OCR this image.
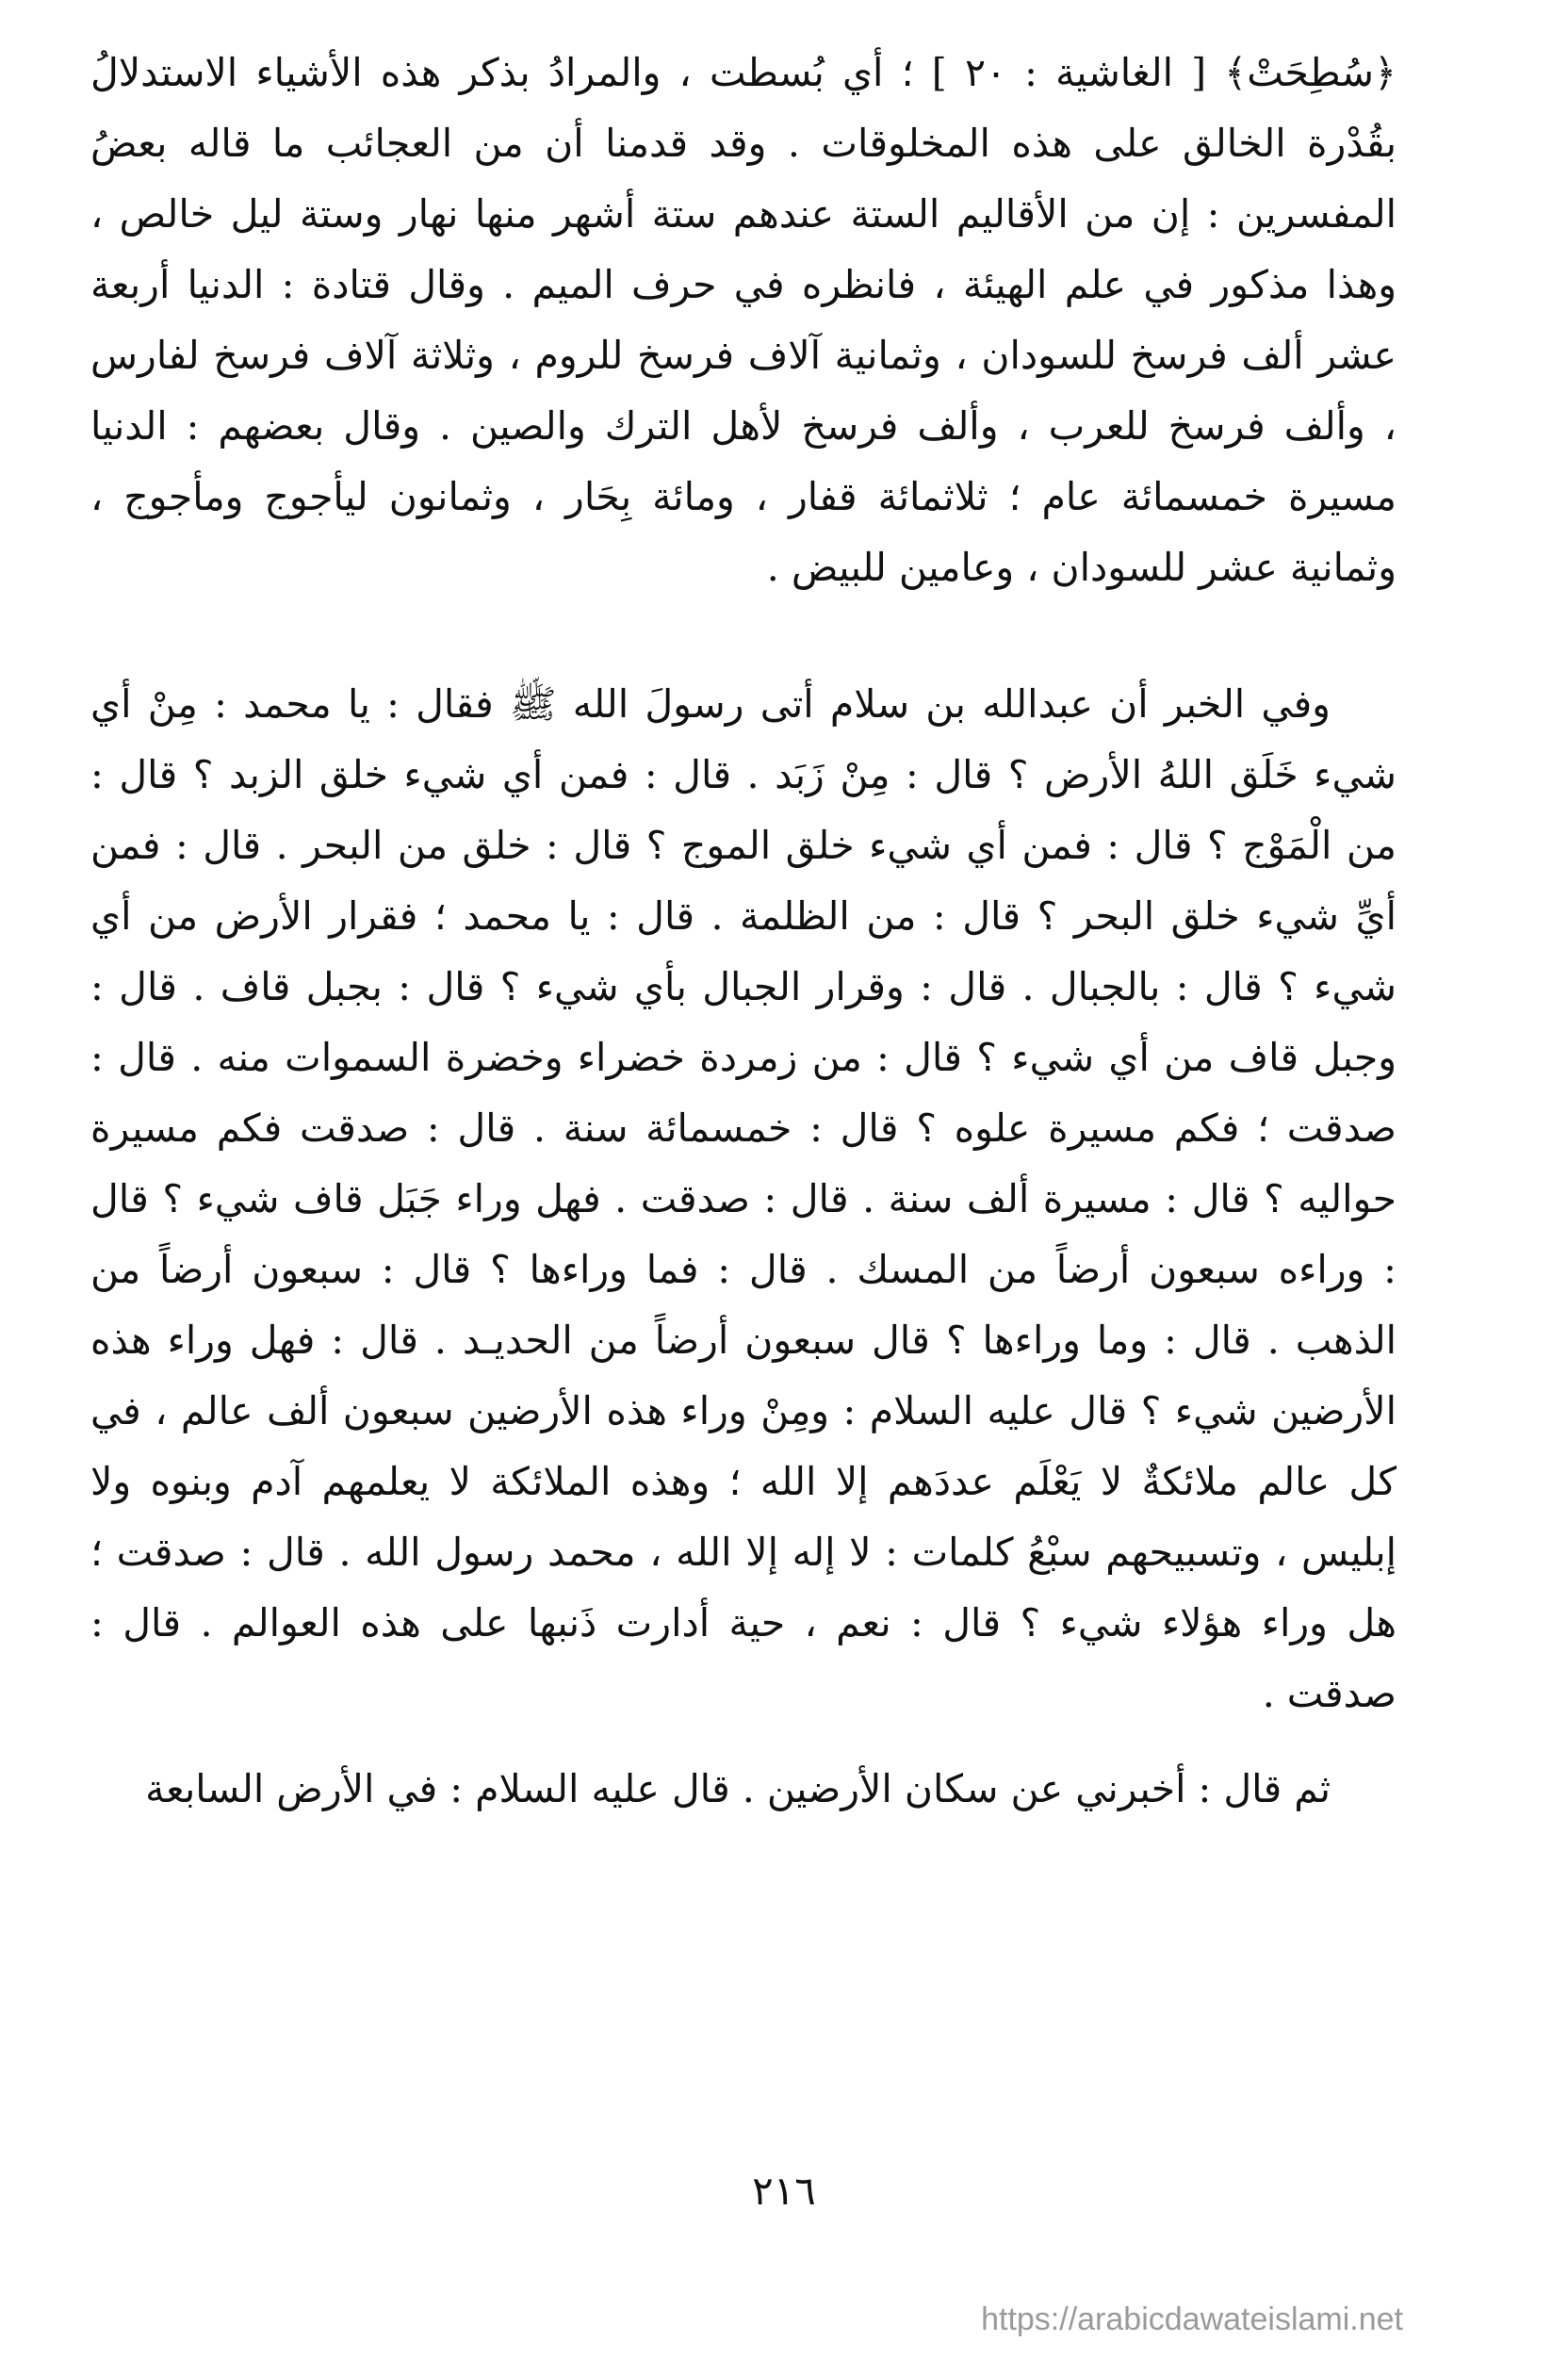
﴿سُطِحَتْ﴾ [ الغاشية : ٢٠ ] ؛ أي بُسطت ، والمرادُ بذكر هذه الأشياء الاستدلالُ بقُدْرة الخالق على هذه المخلوقات . وقد قدمنا أن من العجائب ما قاله بعضُ المفسرين : إن من الأقاليم الستة عندهم ستة أشهر منها نهار وستة ليل خالص ، وهذا مذكور في علم الهيئة ، فانظره في حرف الميم . وقال قتادة : الدنيا أربعة عشر ألف فرسخ للسودان ، وثمانية آلاف فرسخ للروم ، وثلاثة آلاف فرسخ لفارس ، وألف فرسخ للعرب ، وألف فرسخ لأهل الترك والصين . وقال بعضهم : الدنيا مسيرة خمسمائة عام ؛ ثلاثمائة قفار ، ومائة بِحَار ، وثمانون ليأجوج ومأجوج ، وثمانية عشر للسودان ، وعامين للبيض .

وفي الخبر أن عبدالله بن سلام أتى رسولَ الله ﷺ فقال : يا محمد : مِنْ أي شيء خَلَق اللهُ الأرض ؟ قال : مِنْ زَبَد . قال : فمن أي شيء خلق الزبد ؟ قال : من الْمَوْج ؟ قال : فمن أي شيء خلق الموج ؟ قال : خلق من البحر . قال : فمن أيِّ شيء خلق البحر ؟ قال : من الظلمة . قال : يا محمد ؛ فقرار الأرض من أي شيء ؟ قال : بالجبال . قال : وقرار الجبال بأي شيء ؟ قال : بجبل قاف . قال : وجبل قاف من أي شيء ؟ قال : من زمردة خضراء وخضرة السموات منه . قال : صدقت ؛ فكم مسيرة علوه ؟ قال : خمسمائة سنة . قال : صدقت فكم مسيرة حواليه ؟ قال : مسيرة ألف سنة . قال : صدقت . فهل وراء جَبَل قاف شيء ؟ قال : وراءه سبعون أرضاً من المسك . قال : فما وراءها ؟ قال : سبعون أرضاً من الذهب . قال : وما وراءها ؟ قال سبعون أرضاً من الحديـد . قال : فهل وراء هذه الأرضين شيء ؟ قال عليه السلام : ومِنْ وراء هذه الأرضين سبعون ألف عالم ، في كل عالم ملائكةٌ لا يَعْلَم عددَهم إلا الله ؛ وهذه الملائكة لا يعلمهم آدم وبنوه ولا إبليس ، وتسبيحهم سبْعُ كلمات : لا إله إلا الله ، محمد رسول الله . قال : صدقت ؛ هل وراء هؤلاء شيء ؟ قال : نعم ، حية أدارت ذَنبها على هذه العوالم . قال : صدقت .

ثم قال : أخبرني عن سكان الأرضين . قال عليه السلام : في الأرض السابعة

٢١٦
https://arabicdawateislami.net
